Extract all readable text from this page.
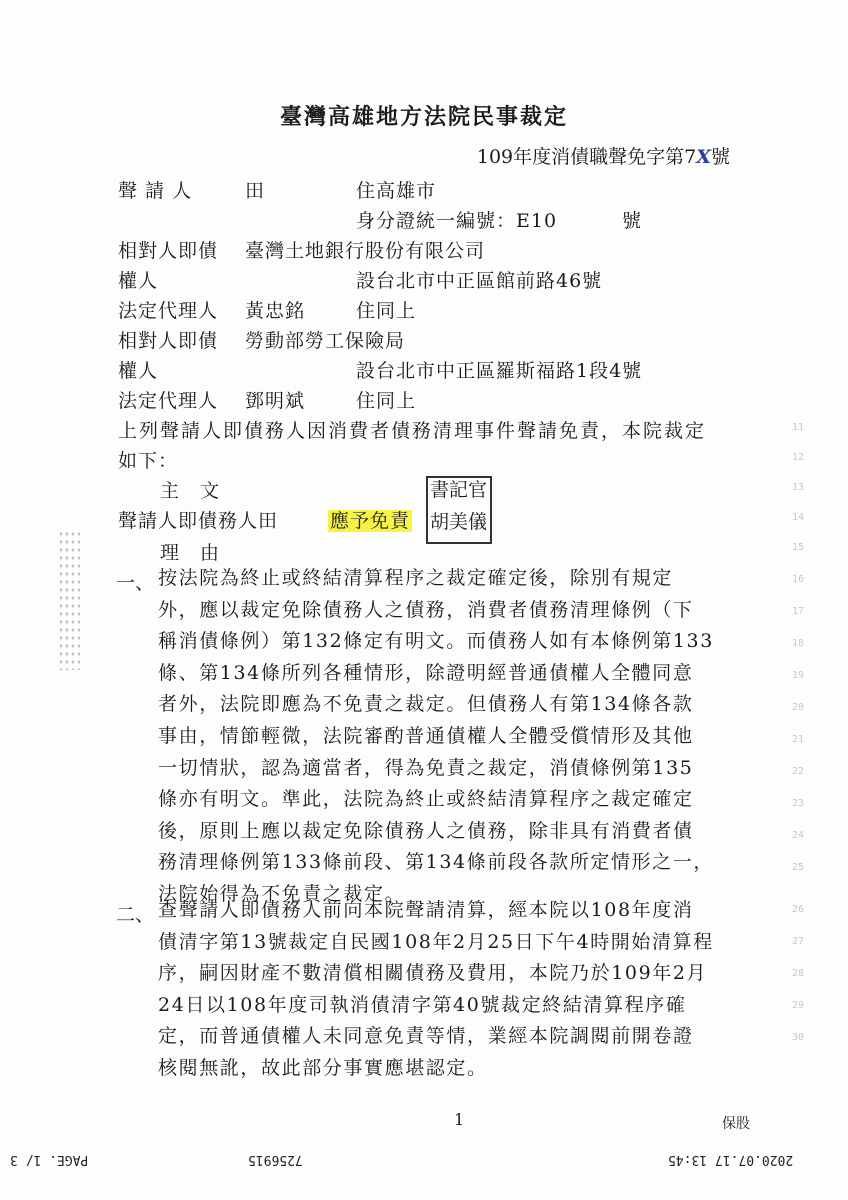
臺灣高雄地方法院民事裁定
109年度消債職聲免字第7X號
聲 請 人	田	住高雄市
身分證統一編號：E10	號
相對人即債 臺灣土地銀行股份有限公司
權人	設台北市中正區館前路46號
法定代理人 黃忠銘	住同上
相對人即債 勞動部勞工保險局
權人	設台北市中正區羅斯福路1段4號
法定代理人 鄧明斌	住同上
上列聲請人即債務人因消費者債務清理事件聲請免責，本院裁定
如下：
主　文
聲請人即債務人田	應予免責
書 記 官
胡 美 儀
理　由
一、 按法院為終止或終結清算程序之裁定確定後，除別有規定
外，應以裁定免除債務人之債務，消費者債務清理條例（下
稱消債條例）第132條定有明文。而債務人如有本條例第133
條、第134條所列各種情形，除證明經普通債權人全體同意
者外，法院即應為不免責之裁定。但債務人有第134條各款
事由，情節輕微，法院審酌普通債權人全體受償情形及其他
一切情狀，認為適當者，得為免責之裁定，消債條例第135
條亦有明文。準此，法院為終止或終結清算程序之裁定確定
後，原則上應以裁定免除債務人之債務，除非具有消費者債
務清理條例第133條前段、第134條前段各款所定情形之一，
法院始得為不免責之裁定。
二、 查聲請人即債務人前向本院聲請清算，經本院以108年度消
債清字第13號裁定自民國108年2月25日下午4時開始清算程
序，嗣因財產不數清償相關債務及費用，本院乃於109年2月
24日以108年度司執消債清字第40號裁定終結清算程序確
定，而普通債權人未同意免責等情，業經本院調閱前開卷證
核閱無訛，故此部分事實應堪認定。
11
12
13
14
15
16
17
18
19
20
21
22
23
24
25
26
27
28
29
30
1	保股
2020.07.17 13:45
7256915
PAGE. 1/ 3
